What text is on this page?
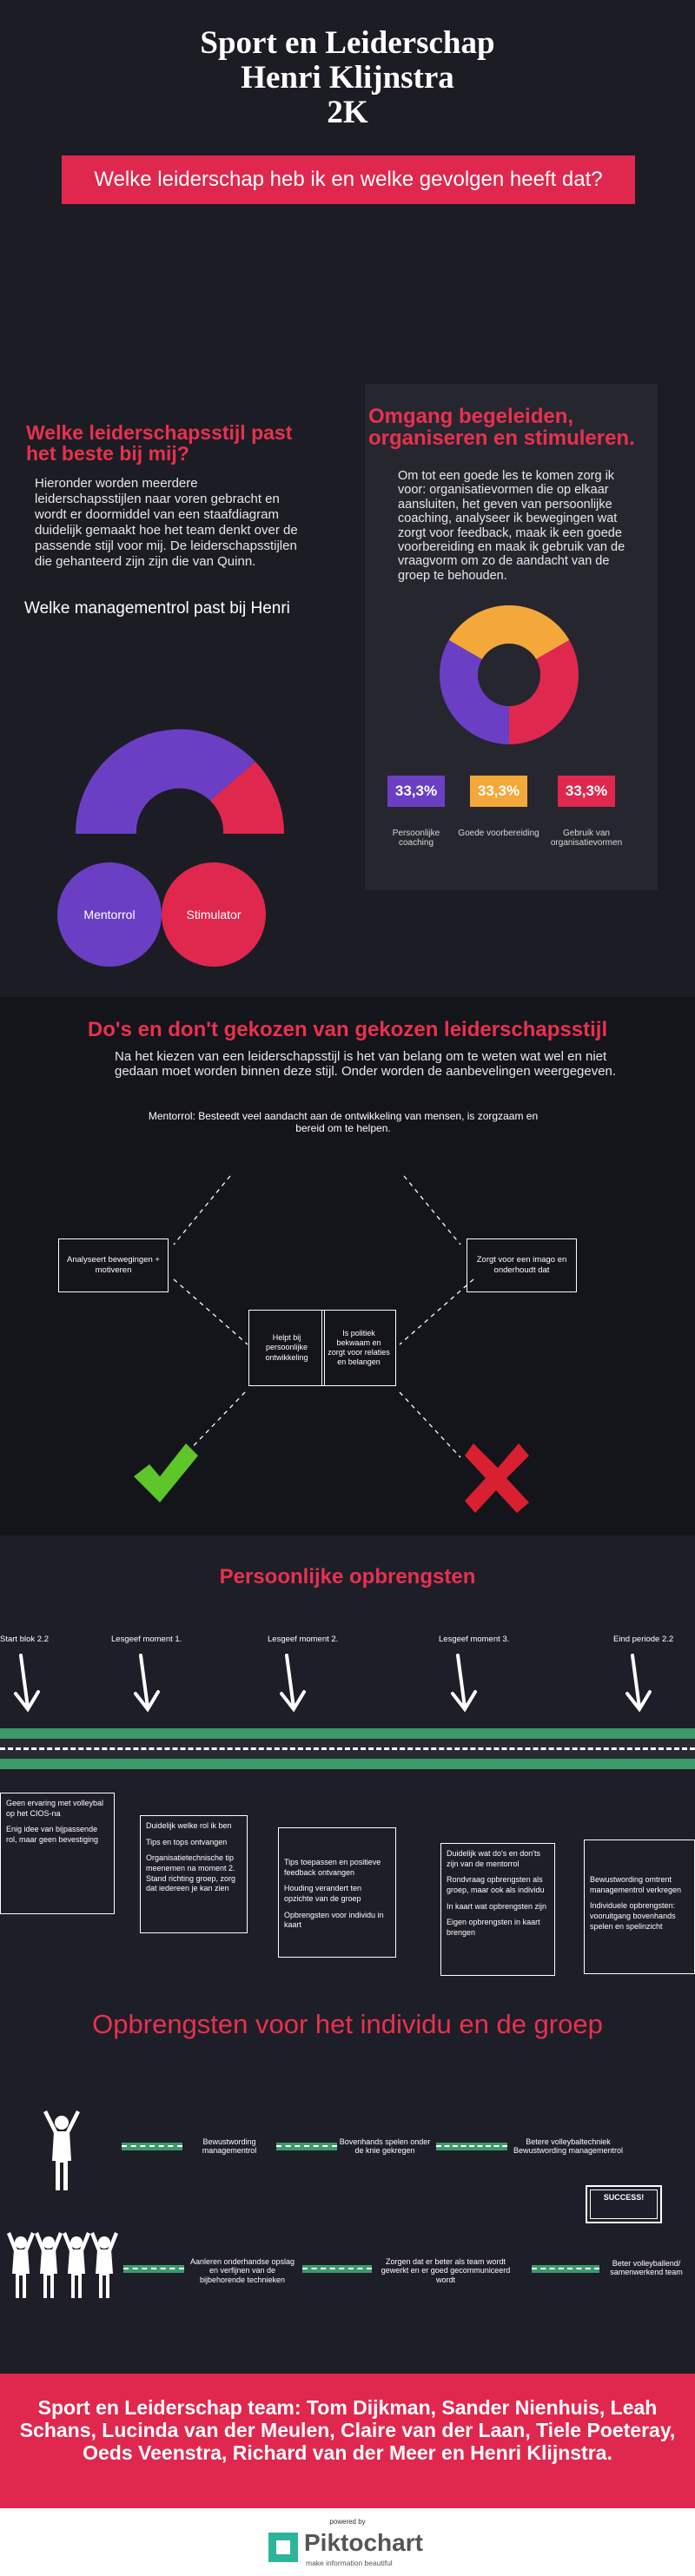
Sport en Leiderschap
Henri Klijnstra
2K
Welke leiderschap heb ik en welke gevolgen heeft dat?
Welke leiderschapsstijl past het beste bij mij?
Hieronder worden meerdere leiderschapsstijlen naar voren gebracht en wordt er doormiddel van een staafdiagram duidelijk gemaakt hoe het team denkt over de passende stijl voor mij. De leiderschapsstijlen die gehanteerd zijn zijn die van Quinn.
Welke managementrol past bij Henri
Mentorrol	Stimulator
Omgang begeleiden, organiseren en stimuleren.
Om tot een goede les te komen zorg ik voor: organisatievormen die op elkaar aansluiten, het geven van persoonlijke coaching, analyseer ik bewegingen wat zorgt voor feedback, maak ik een goede voorbereiding en maak ik gebruik van de vraagvorm om zo de aandacht van de groep te behouden.
33,3%
Persoonlijke coaching
33,3%
Goede voorbereiding
33,3%
Gebruik van organisatievormen
Do's en don't gekozen van gekozen leiderschapsstijl
Na het kiezen van een leiderschapsstijl is het van belang om te weten wat wel en niet gedaan moet worden binnen deze stijl. Onder worden de aanbevelingen weergegeven.
Mentorrol: Besteedt veel aandacht aan de ontwikkeling van mensen, is zorgzaam en bereid om te helpen.
Analyseert bewegingen + motiveren
Zorgt voor een imago en onderhoudt dat
Helpt bij persoonlijke ontwikkeling
Is politiek bekwaam en zorgt voor relaties en belangen
Persoonlijke opbrengsten
Start blok 2.2	Lesgeef moment 1.	Lesgeef moment 2.	Lesgeef moment 3.	Eind periode 2.2

Geen ervaring met volleybal op het CIOS-na

Enig idee van bijpassende rol, maar geen bevestiging

Duidelijk welke rol ik ben

Tips en tops ontvangen

Organisatietechnische tip meenemen na moment 2. Stand richting groep, zorg dat iedereen je kan zien

Tips toepassen en positieve feedback ontvangen

Houding verandert ten opzichte van de groep

Opbrengsten voor individu in kaart

Duidelijk wat do's en don'ts zijn van de mentorrol

Rondvraag opbrengsten als groep, maar ook als individu

In kaart wat opbrengsten zijn

Eigen opbrengsten in kaart brengen

Bewustwording omtrent managementrol verkregen

Individuele opbrengsten: vooruitgang bovenhands spelen en spelinzicht

Opbrengsten voor het individu en de groep
Bewustwording managementrol
Bovenhands spelen onder de knie gekregen
Betere volleybaltechniek Bewustwording managementrol
SUCCESS!
Aanleren onderhandse opslag en verfijnen van de bijbehorende technieken
Zorgen dat er beter als team wordt gewerkt en er goed gecommuniceerd wordt
Beter volleyballend/ samenwerkend team
Sport en Leiderschap team: Tom Dijkman, Sander Nienhuis, Leah Schans, Lucinda van der Meulen, Claire van der Laan, Tiele Poeteray, Oeds Veenstra, Richard van der Meer en Henri Klijnstra.
powered by
Piktochart
make information beautiful
